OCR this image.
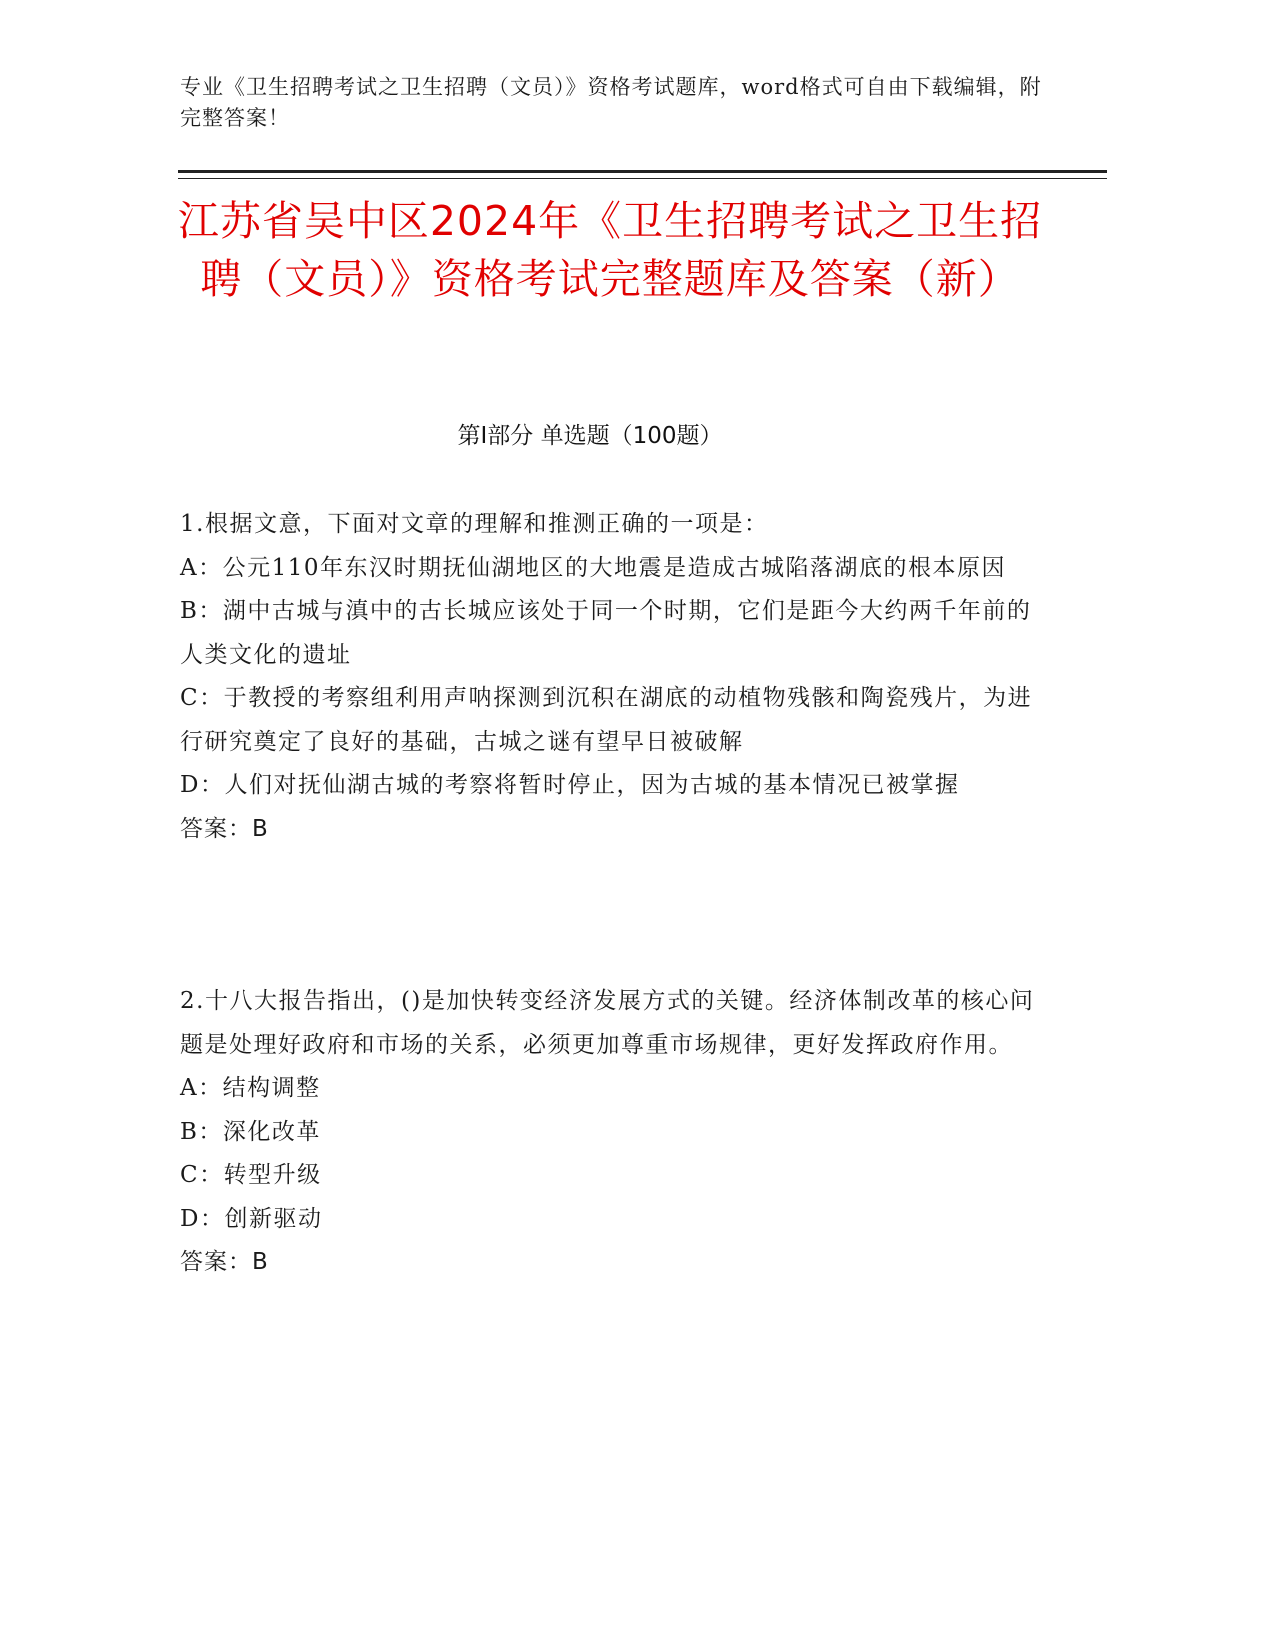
专业《卫生招聘考试之卫生招聘（文员）》资格考试题库，word格式可自由下载编辑，附完整答案！
江苏省吴中区2024年《卫生招聘考试之卫生招聘（文员）》资格考试完整题库及答案（新）
第I部分 单选题（100题）

1.根据文意，下面对文章的理解和推测正确的一项是：

A：公元110年东汉时期抚仙湖地区的大地震是造成古城陷落湖底的根本原因

B：湖中古城与滇中的古长城应该处于同一个时期，它们是距今大约两千年前的人类文化的遗址

C：于教授的考察组利用声呐探测到沉积在湖底的动植物残骸和陶瓷残片，为进行研究奠定了良好的基础，古城之谜有望早日被破解

D：人们对抚仙湖古城的考察将暂时停止，因为古城的基本情况已被掌握

答案：B

2.十八大报告指出，()是加快转变经济发展方式的关键。经济体制改革的核心问题是处理好政府和市场的关系，必须更加尊重市场规律，更好发挥政府作用。

A：结构调整

B：深化改革

C：转型升级

D：创新驱动

答案：B
